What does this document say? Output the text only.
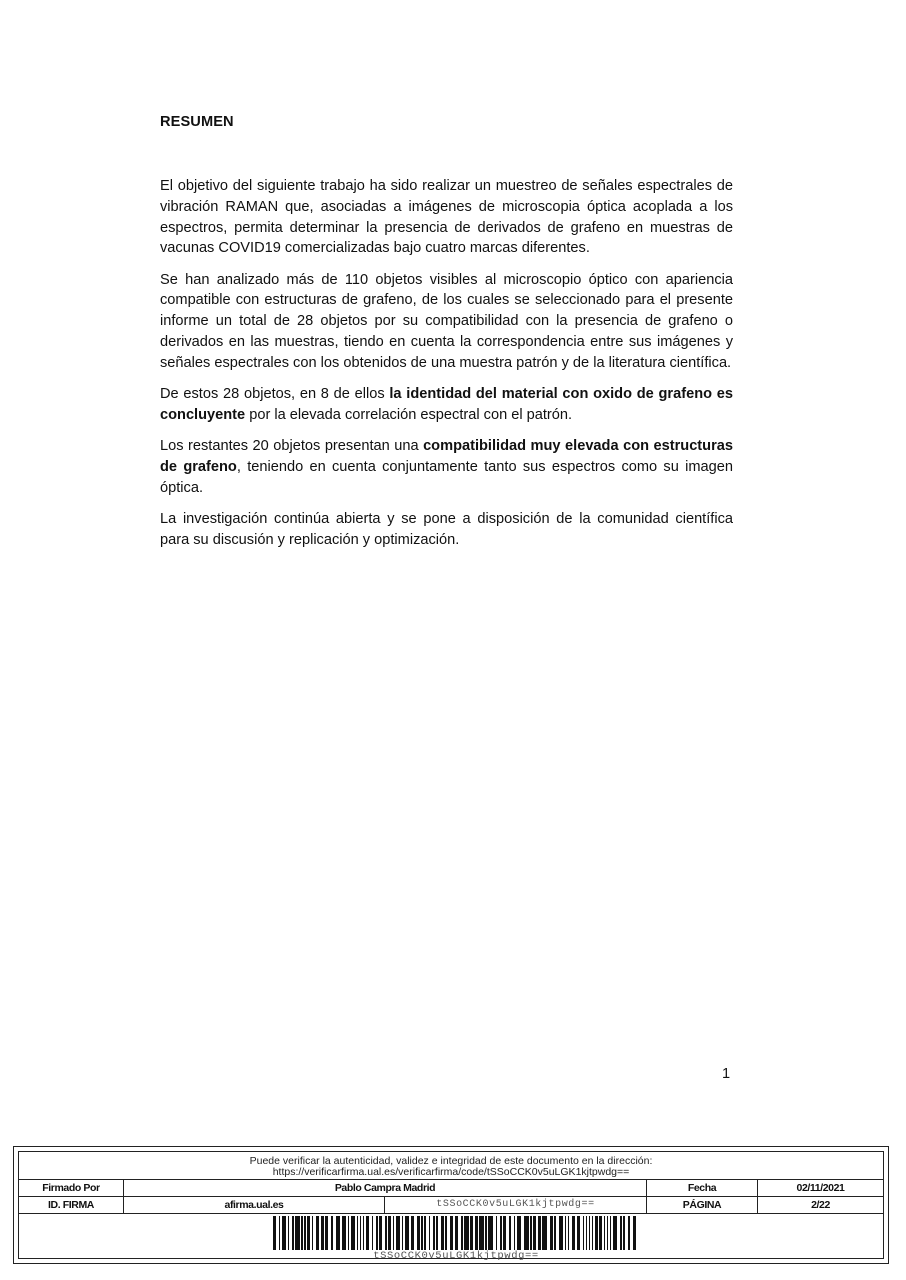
RESUMEN

El objetivo del siguiente trabajo ha sido realizar un muestreo de señales espectrales de vibración RAMAN que, asociadas a imágenes de microscopia óptica acoplada a los espectros, permita determinar la presencia de derivados de grafeno en muestras de vacunas COVID19 comercializadas bajo cuatro marcas diferentes.

Se han analizado más de 110 objetos visibles al microscopio óptico con apariencia compatible con estructuras de grafeno, de los cuales se seleccionado para el presente informe un total de 28 objetos por su compatibilidad con la presencia de grafeno o derivados en las muestras, tiendo en cuenta la correspondencia entre sus imágenes y señales espectrales con los obtenidos de una muestra patrón y de la literatura científica.

De estos 28 objetos, en 8 de ellos la identidad del material con oxido de grafeno es concluyente por la elevada correlación espectral con el patrón.

Los restantes 20 objetos presentan una compatibilidad muy elevada con estructuras de grafeno, teniendo en cuenta conjuntamente tanto sus espectros como su imagen óptica.

La investigación continúa abierta y se pone a disposición de la comunidad científica para su discusión y replicación y optimización.

1
Puede verificar la autenticidad, validez e integridad de este documento en la dirección:
https://verificarfirma.ual.es/verificarfirma/code/tSSoCCK0v5uLGK1kjtpwdg==
Firmado Por	Pablo Campra Madrid	Fecha	02/11/2021
ID. FIRMA	afirma.ual.es	tSSoCCK0v5uLGK1kjtpwdg==	PÁGINA	2/22
tSSoCCK0v5uLGK1kjtpwdg==
